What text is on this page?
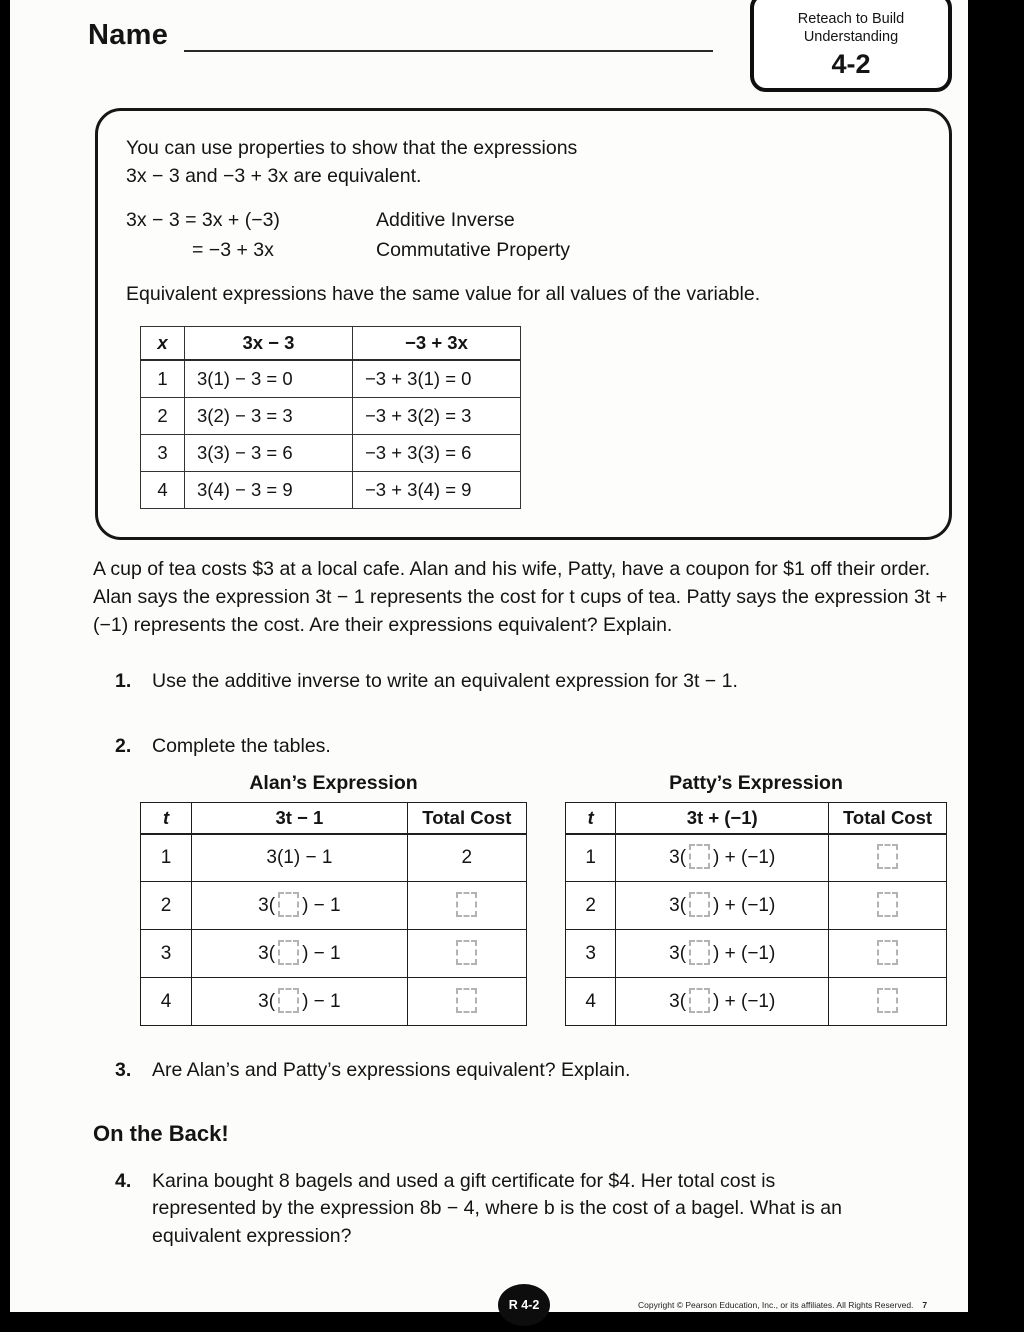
Name	Reteach to Build
Understanding
4-2
You can use properties to show that the expressions
3x − 3 and −3 + 3x are equivalent.
3x − 3 = 3x + (−3)	Additive Inverse
= −3 + 3x	Commutative Property
Equivalent expressions have the same value for all values of the variable.
x	3x − 3	−3 + 3x
1	3(1) − 3 = 0	−3 + 3(1) = 0
2	3(2) − 3 = 3	−3 + 3(2) = 3
3	3(3) − 3 = 6	−3 + 3(3) = 6
4	3(4) − 3 = 9	−3 + 3(4) = 9
A cup of tea costs $3 at a local cafe. Alan and his wife, Patty, have a coupon for $1 off their order. Alan says the expression 3t − 1 represents the cost for t cups of tea. Patty says the expression 3t + (−1) represents the cost. Are their expressions equivalent? Explain.
1.	Use the additive inverse to write an equivalent expression for 3t − 1.
2.	Complete the tables.
Alan’s Expression
t	3t − 1	Total Cost
1	3(1) − 1	2
2	3( ) − 1	
3	3( ) − 1	
4	3( ) − 1	
Patty’s Expression
t	3t + (−1)	Total Cost
1	3( ) + (−1)	
2	3( ) + (−1)	
3	3( ) + (−1)	
4	3( ) + (−1)	
3.	Are Alan’s and Patty’s expressions equivalent? Explain.
On the Back!
4.	Karina bought 8 bagels and used a gift certificate for $4. Her total cost is represented by the expression 8b − 4, where b is the cost of a bagel. What is an equivalent expression?
R 4-2	Copyright © Pearson Education, Inc., or its affiliates. All Rights Reserved. 7
